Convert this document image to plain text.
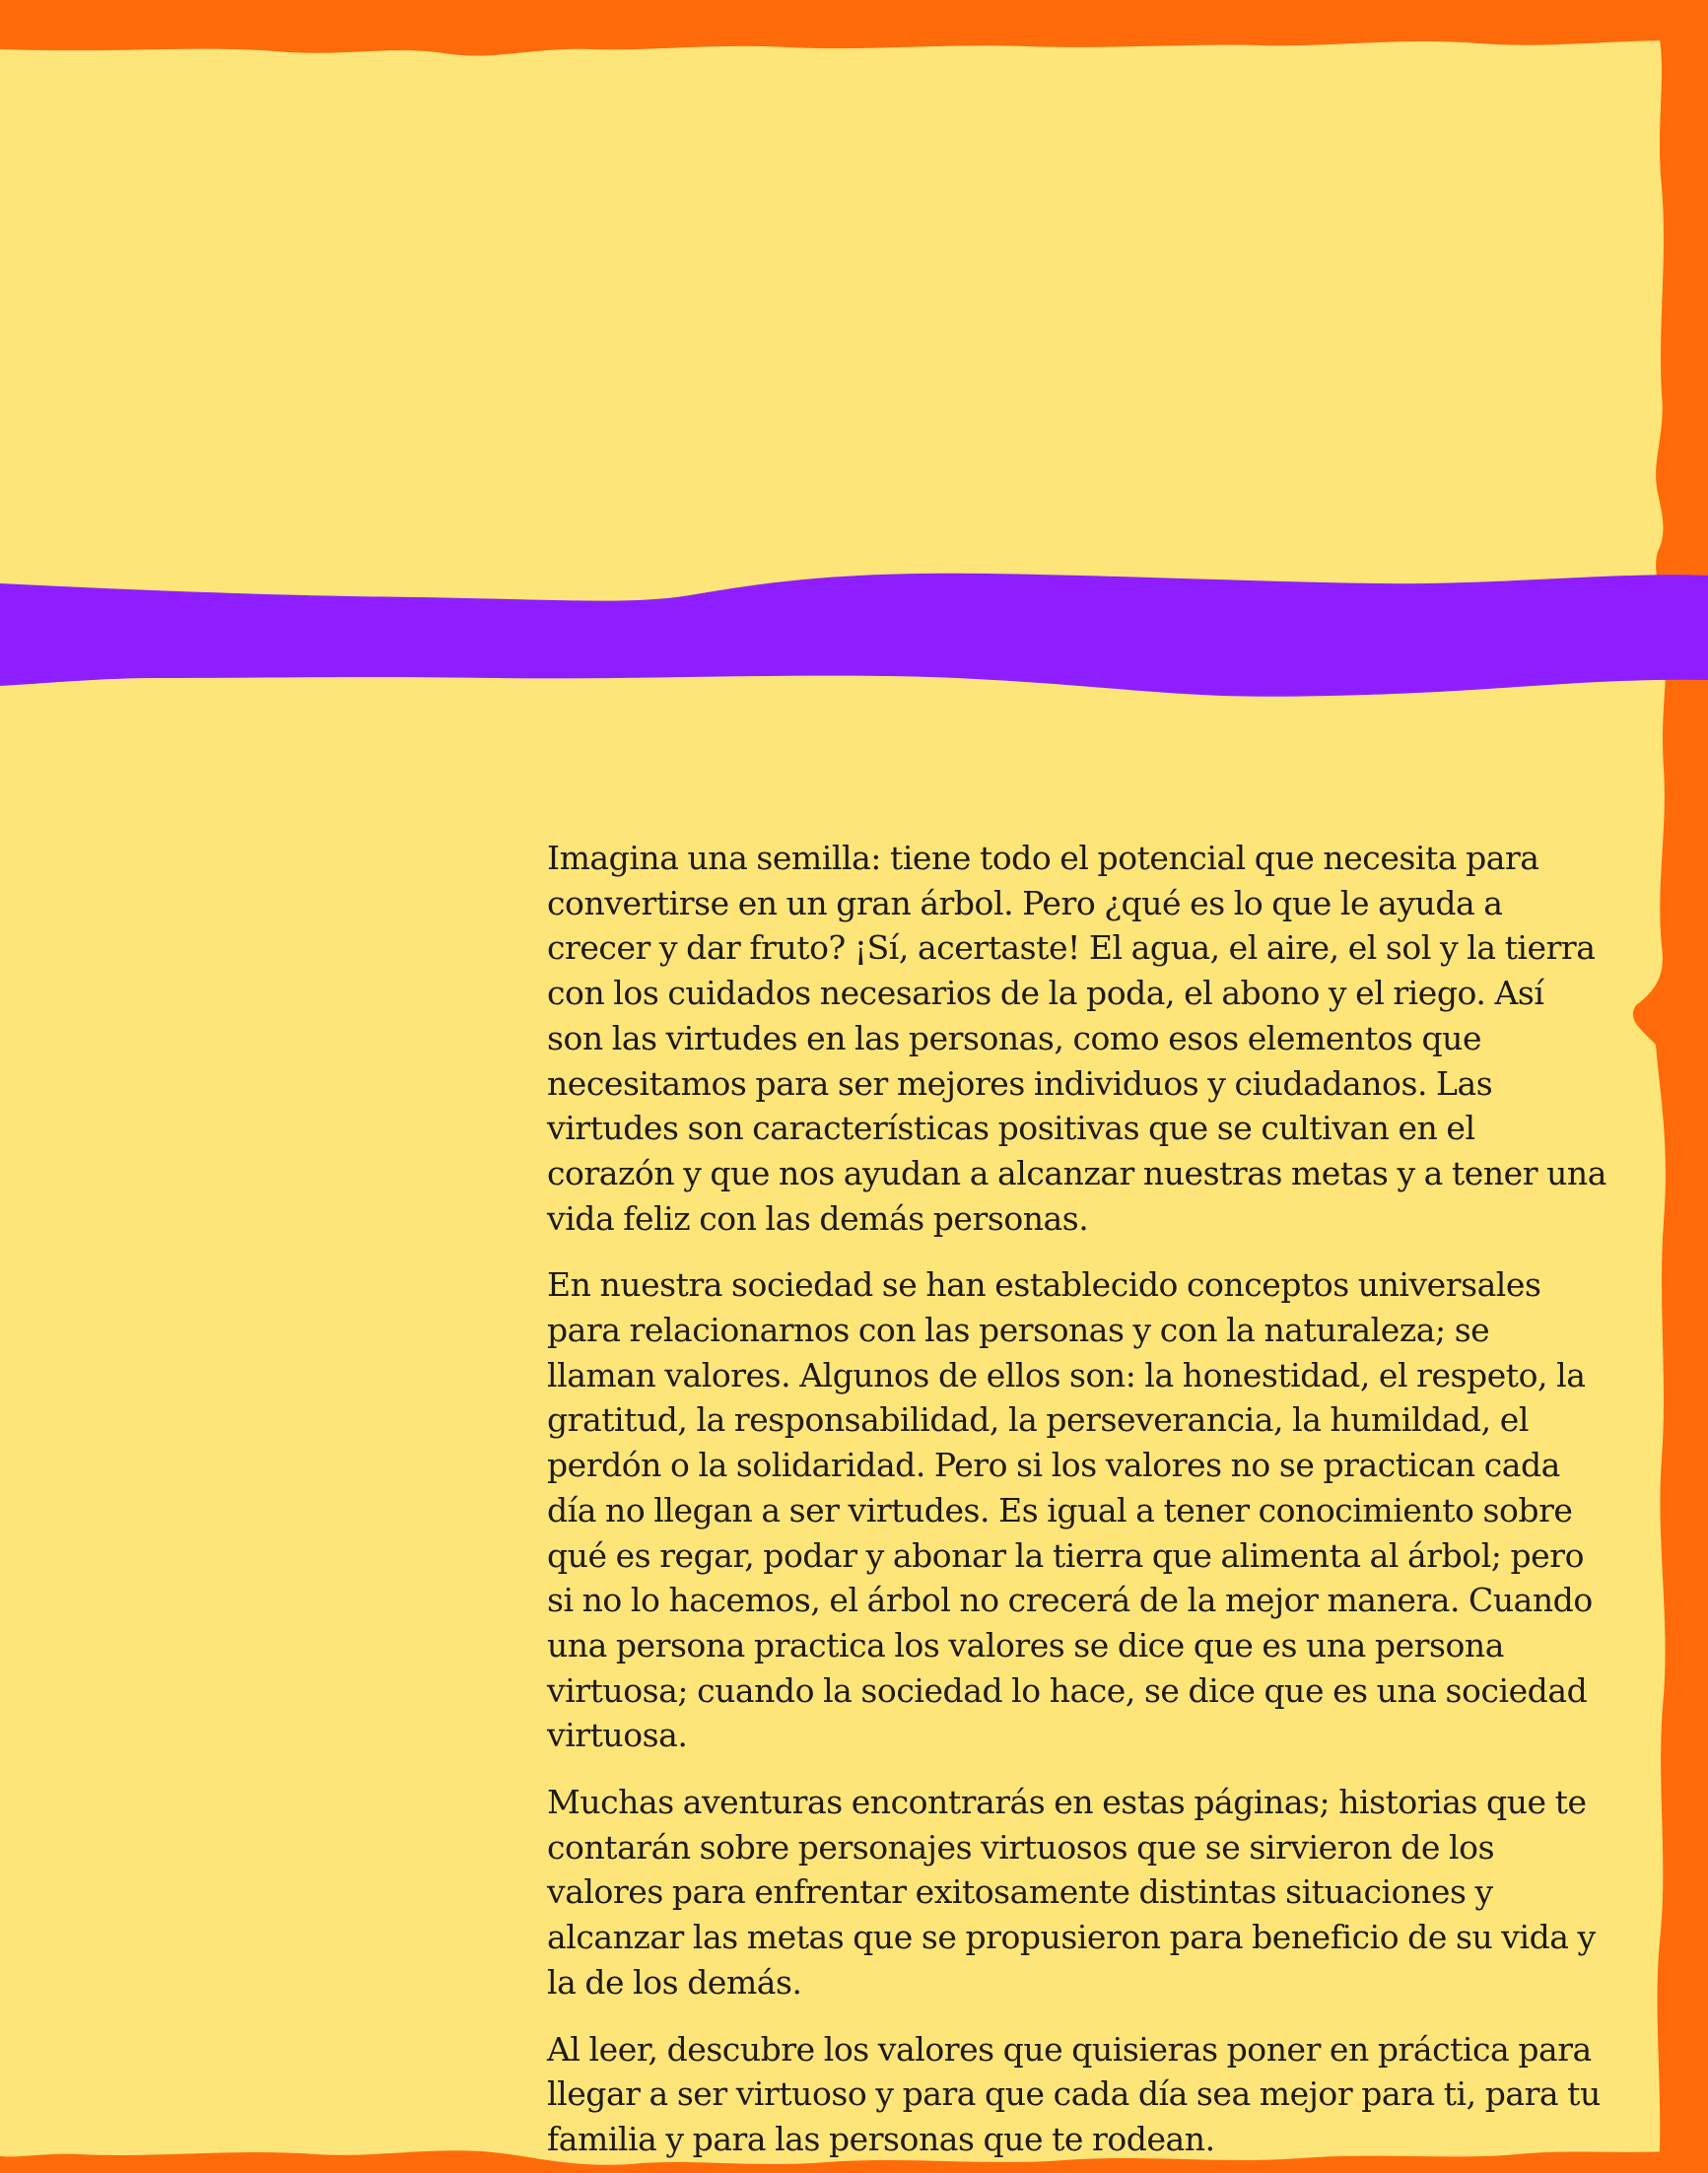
Imagina una semilla: tiene todo el potencial que necesita para convertirse en un gran árbol. Pero ¿qué es lo que le ayuda a crecer y dar fruto? ¡Sí, acertaste! El agua, el aire, el sol y la tierra con los cuidados necesarios de la poda, el abono y el riego. Así son las virtudes en las personas, como esos elementos que necesitamos para ser mejores individuos y ciudadanos. Las virtudes son características positivas que se cultivan en el corazón y que nos ayudan a alcanzar nuestras metas y a tener una vida feliz con las demás personas.

En nuestra sociedad se han establecido conceptos universales para relacionarnos con las personas y con la naturaleza; se llaman valores. Algunos de ellos son: la honestidad, el respeto, la gratitud, la responsabilidad, la perseverancia, la humildad, el perdón o la solidaridad. Pero si los valores no se practican cada día no llegan a ser virtudes. Es igual a tener conocimiento sobre qué es regar, podar y abonar la tierra que alimenta al árbol; pero si no lo hacemos, el árbol no crecerá de la mejor manera. Cuando una persona practica los valores se dice que es una persona virtuosa; cuando la sociedad lo hace, se dice que es una sociedad virtuosa.

Muchas aventuras encontrarás en estas páginas; historias que te contarán sobre personajes virtuosos que se sirvieron de los valores para enfrentar exitosamente distintas situaciones y alcanzar las metas que se propusieron para beneficio de su vida y la de los demás.

Al leer, descubre los valores que quisieras poner en práctica para llegar a ser virtuoso y para que cada día sea mejor para ti, para tu familia y para las personas que te rodean.
